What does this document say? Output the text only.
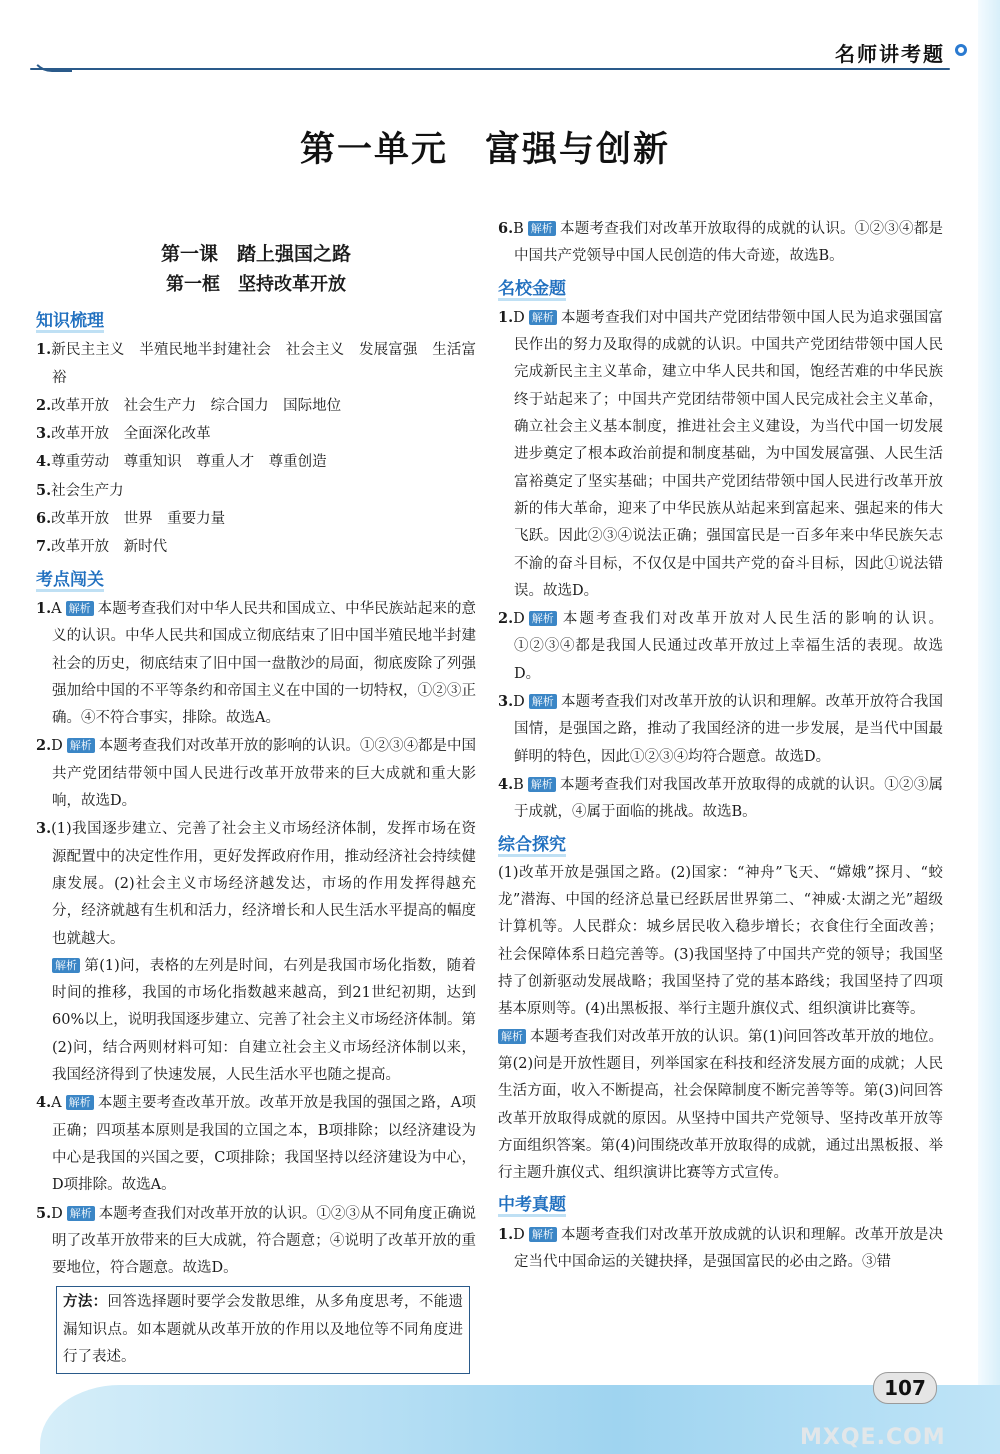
名师讲考题
第一单元　富强与创新
第一课　踏上强国之路
第一框　坚持改革开放
知识梳理
1.新民主主义　半殖民地半封建社会　社会主义　发展富强　生活富裕
2.改革开放　社会生产力　综合国力　国际地位
3.改革开放　全面深化改革
4.尊重劳动　尊重知识　尊重人才　尊重创造
5.社会生产力
6.改革开放　世界　重要力量
7.改革开放　新时代
考点闯关
1.A 解析 本题考查我们对中华人民共和国成立、中华民族站起来的意义的认识。中华人民共和国成立彻底结束了旧中国半殖民地半封建社会的历史，彻底结束了旧中国一盘散沙的局面，彻底废除了列强强加给中国的不平等条约和帝国主义在中国的一切特权，①②③正确。④不符合事实，排除。故选A。
2.D 解析 本题考查我们对改革开放的影响的认识。①②③④都是中国共产党团结带领中国人民进行改革开放带来的巨大成就和重大影响，故选D。
3.(1)我国逐步建立、完善了社会主义市场经济体制，发挥市场在资源配置中的决定性作用，更好发挥政府作用，推动经济社会持续健康发展。(2)社会主义市场经济越发达，市场的作用发挥得越充分，经济就越有生机和活力，经济增长和人民生活水平提高的幅度也就越大。
解析 第(1)问，表格的左列是时间，右列是我国市场化指数，随着时间的推移，我国的市场化指数越来越高，到21世纪初期，达到60%以上，说明我国逐步建立、完善了社会主义市场经济体制。第(2)问，结合两则材料可知：自建立社会主义市场经济体制以来，我国经济得到了快速发展，人民生活水平也随之提高。
4.A 解析 本题主要考查改革开放。改革开放是我国的强国之路，A项正确；四项基本原则是我国的立国之本，B项排除；以经济建设为中心是我国的兴国之要，C项排除；我国坚持以经济建设为中心，D项排除。故选A。
5.D 解析 本题考查我们对改革开放的认识。①②③从不同角度正确说明了改革开放带来的巨大成就，符合题意；④说明了改革开放的重要地位，符合题意。故选D。
方法：回答选择题时要学会发散思维，从多角度思考，不能遗漏知识点。如本题就从改革开放的作用以及地位等不同角度进行了表述。
6.B 解析 本题考查我们对改革开放取得的成就的认识。①②③④都是中国共产党领导中国人民创造的伟大奇迹，故选B。
名校金题
1.D 解析 本题考查我们对中国共产党团结带领中国人民为追求强国富民作出的努力及取得的成就的认识。中国共产党团结带领中国人民完成新民主主义革命，建立中华人民共和国，饱经苦难的中华民族终于站起来了；中国共产党团结带领中国人民完成社会主义革命，确立社会主义基本制度，推进社会主义建设，为当代中国一切发展进步奠定了根本政治前提和制度基础，为中国发展富强、人民生活富裕奠定了坚实基础；中国共产党团结带领中国人民进行改革开放新的伟大革命，迎来了中华民族从站起来到富起来、强起来的伟大飞跃。因此②③④说法正确；强国富民是一百多年来中华民族矢志不渝的奋斗目标，不仅仅是中国共产党的奋斗目标，因此①说法错误。故选D。
2.D 解析 本题考查我们对改革开放对人民生活的影响的认识。①②③④都是我国人民通过改革开放过上幸福生活的表现。故选D。
3.D 解析 本题考查我们对改革开放的认识和理解。改革开放符合我国国情，是强国之路，推动了我国经济的进一步发展，是当代中国最鲜明的特色，因此①②③④均符合题意。故选D。
4.B 解析 本题考查我们对我国改革开放取得的成就的认识。①②③属于成就，④属于面临的挑战。故选B。
综合探究
(1)改革开放是强国之路。(2)国家：“神舟”飞天、“嫦娥”探月、“蛟龙”潜海、中国的经济总量已经跃居世界第二、“神威·太湖之光”超级计算机等。人民群众：城乡居民收入稳步增长；衣食住行全面改善；社会保障体系日趋完善等。(3)我国坚持了中国共产党的领导；我国坚持了创新驱动发展战略；我国坚持了党的基本路线；我国坚持了四项基本原则等。(4)出黑板报、举行主题升旗仪式、组织演讲比赛等。
解析 本题考查我们对改革开放的认识。第(1)问回答改革开放的地位。第(2)问是开放性题目，列举国家在科技和经济发展方面的成就；人民生活方面，收入不断提高，社会保障制度不断完善等等。第(3)问回答改革开放取得成就的原因。从坚持中国共产党领导、坚持改革开放等方面组织答案。第(4)问围绕改革开放取得的成就，通过出黑板报、举行主题升旗仪式、组织演讲比赛等方式宣传。
中考真题
1.D 解析 本题考查我们对改革开放成就的认识和理解。改革开放是决定当代中国命运的关键抉择，是强国富民的必由之路。③错
107
MXQE.COM
